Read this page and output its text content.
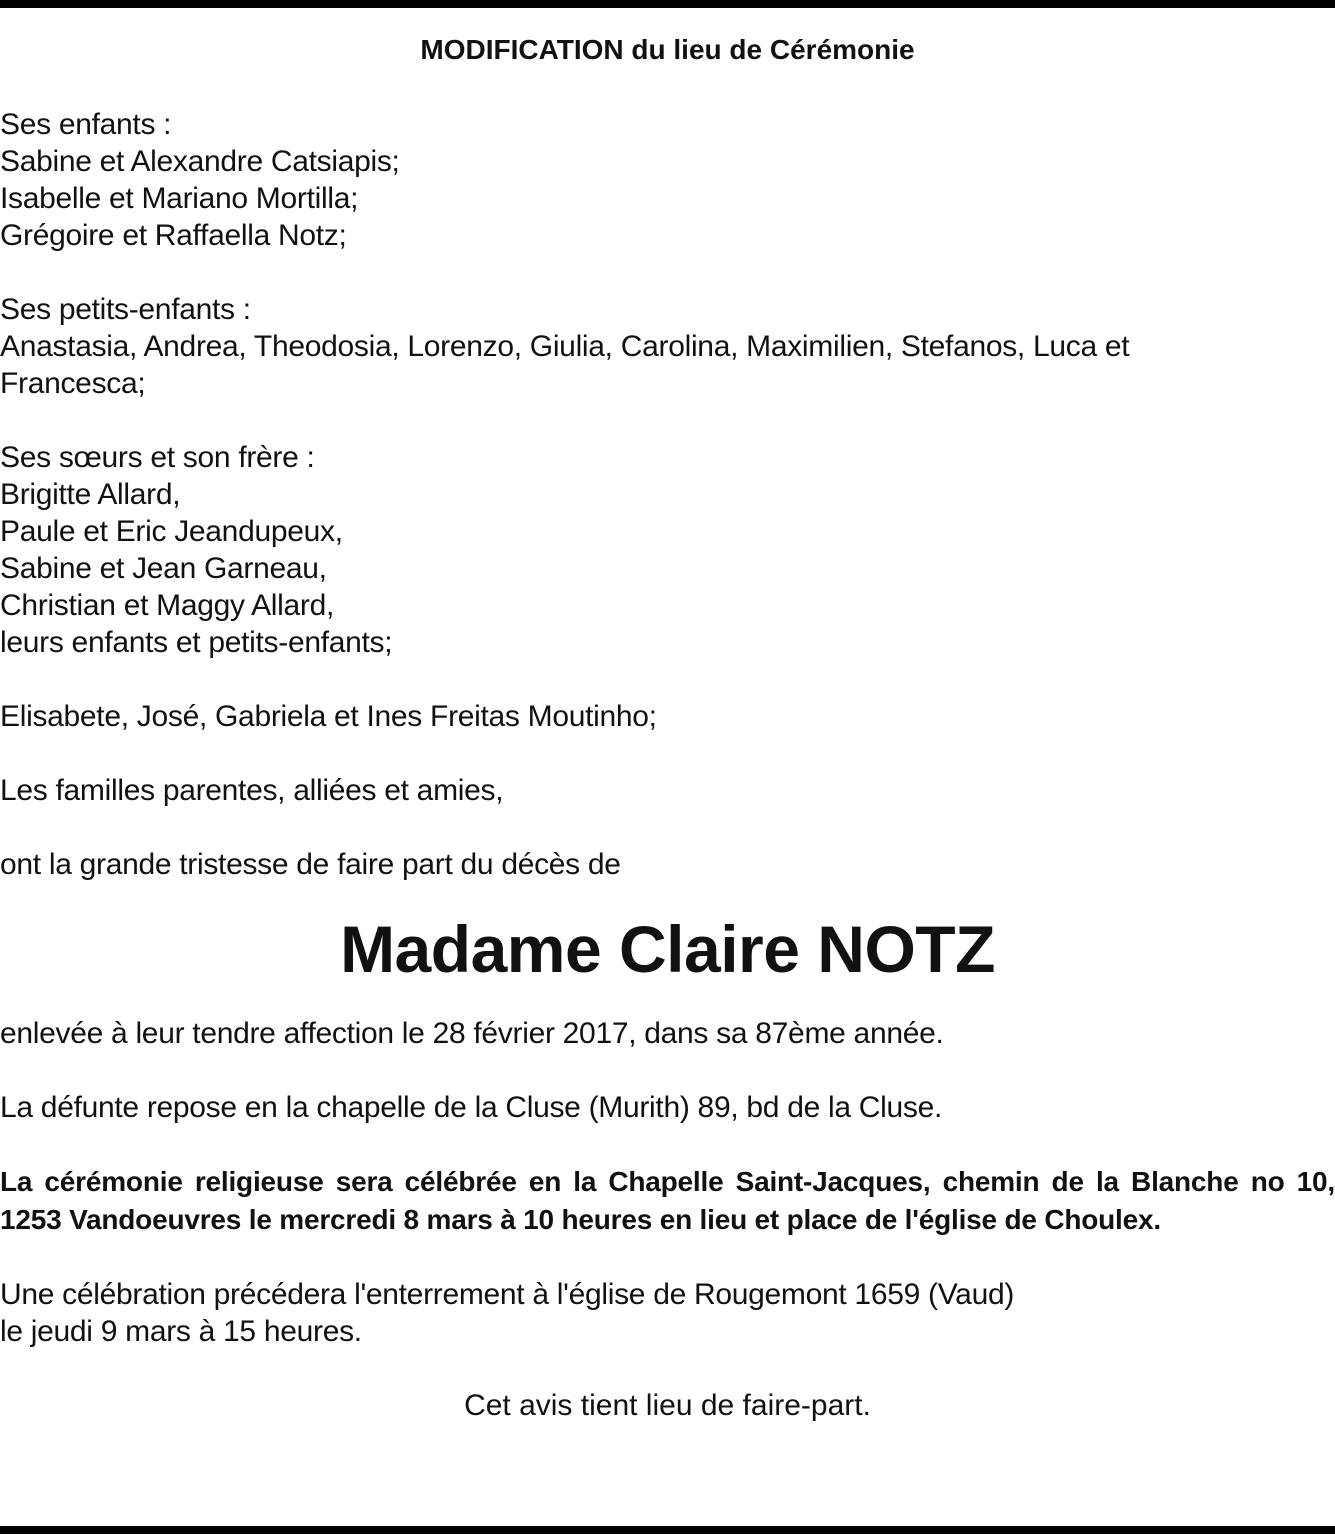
MODIFICATION du lieu de Cérémonie

Ses enfants :
Sabine et Alexandre Catsiapis;
Isabelle et Mariano Mortilla;
Grégoire et Raffaella Notz;

Ses petits-enfants :
Anastasia, Andrea, Theodosia, Lorenzo, Giulia, Carolina, Maximilien, Stefanos, Luca et
Francesca;

Ses sœurs et son frère :
Brigitte Allard,
Paule et Eric Jeandupeux,
Sabine et Jean Garneau,
Christian et Maggy Allard,
leurs enfants et petits-enfants;

Elisabete, José, Gabriela et Ines Freitas Moutinho;

Les familles parentes, alliées et amies,

ont la grande tristesse de faire part du décès de

Madame Claire NOTZ

enlevée à leur tendre affection le 28 février 2017, dans sa 87ème année.

La défunte repose en la chapelle de la Cluse (Murith) 89, bd de la Cluse.

La cérémonie religieuse sera célébrée en la Chapelle Saint-Jacques, chemin de la Blanche no 10, 1253 Vandoeuvres le mercredi 8 mars à 10 heures en lieu et place de l'église de Choulex.

Une célébration précédera l'enterrement à l'église de Rougemont 1659 (Vaud)
le jeudi 9 mars à 15 heures.

Cet avis tient lieu de faire-part.
